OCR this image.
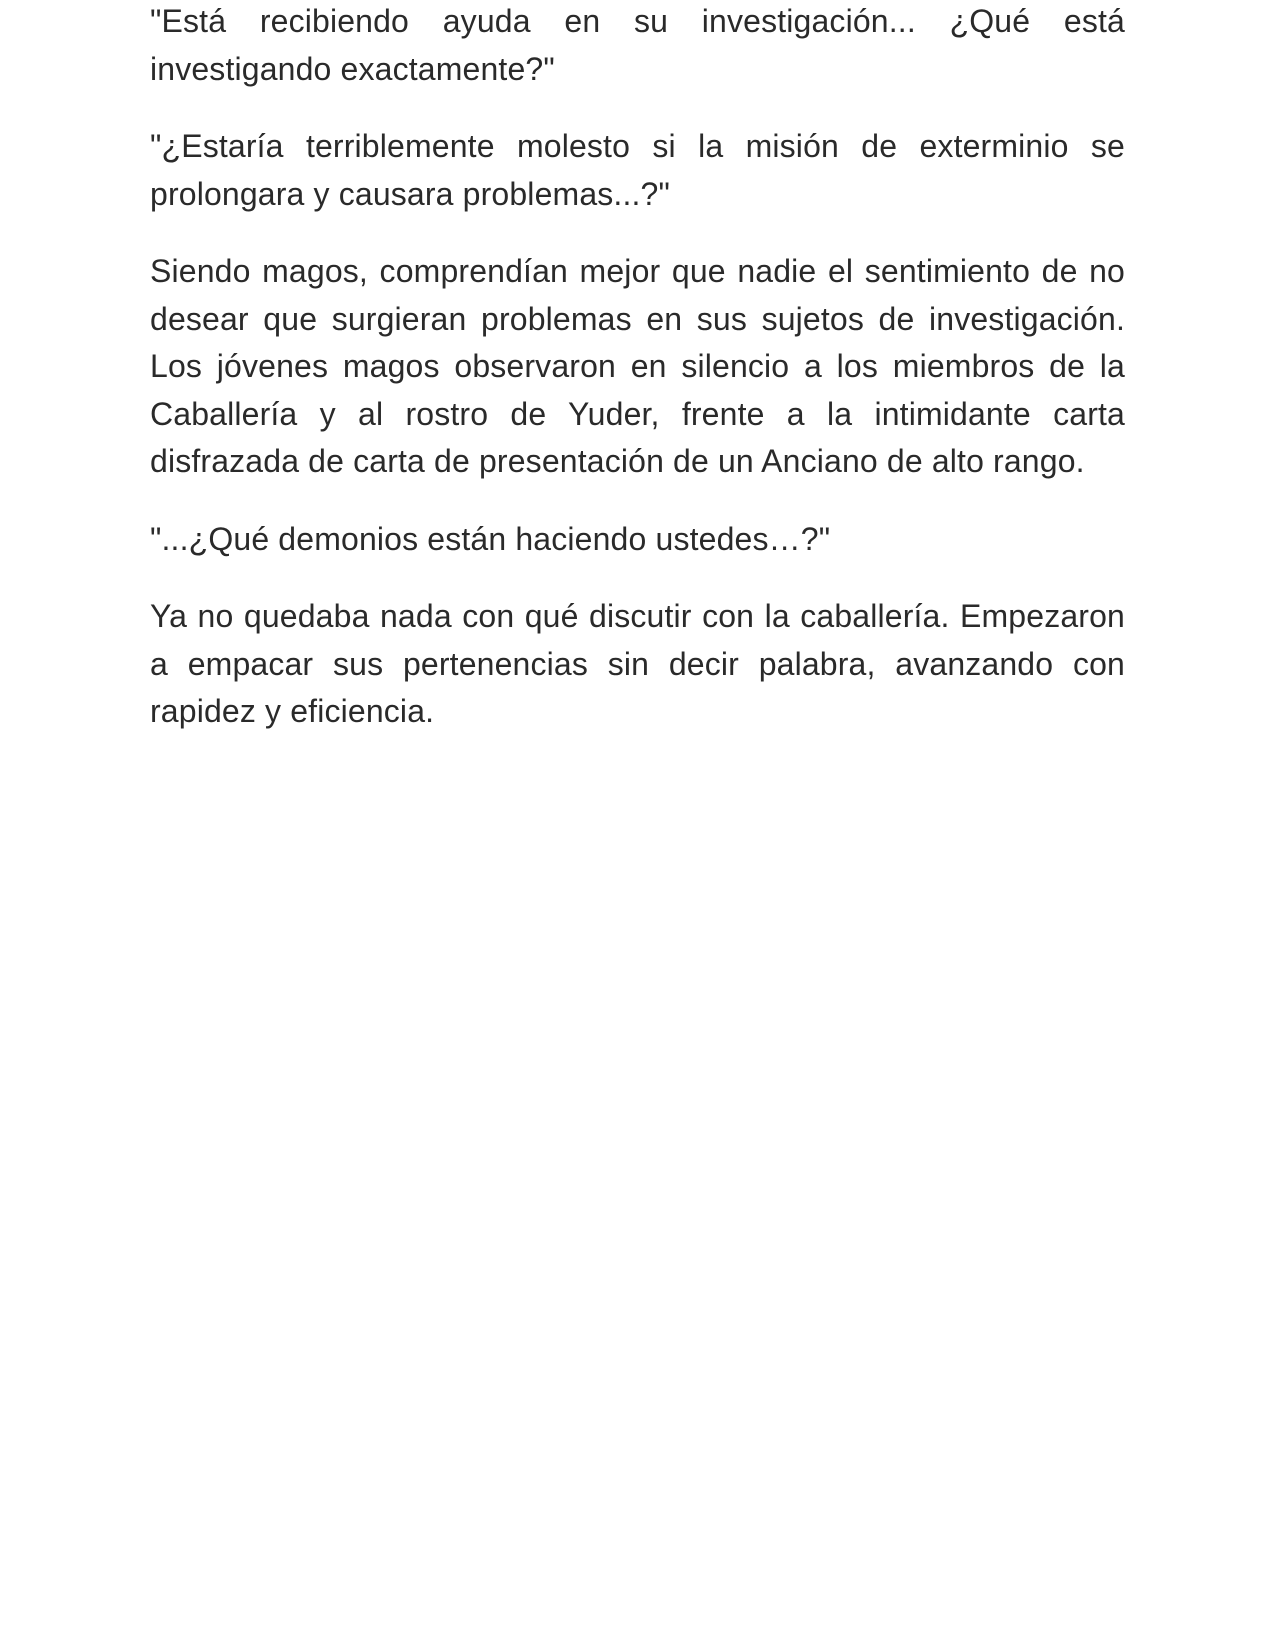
"Está recibiendo ayuda en su investigación... ¿Qué está investigando exactamente?"

"¿Estaría terriblemente molesto si la misión de exterminio se prolongara y causara problemas...?"

Siendo magos, comprendían mejor que nadie el sentimiento de no desear que surgieran problemas en sus sujetos de investigación. Los jóvenes magos observaron en silencio a los miembros de la Caballería y al rostro de Yuder, frente a la intimidante carta disfrazada de carta de presentación de un Anciano de alto rango.

"...¿Qué demonios están haciendo ustedes…?"

Ya no quedaba nada con qué discutir con la caballería. Empezaron a empacar sus pertenencias sin decir palabra, avanzando con rapidez y eficiencia.
